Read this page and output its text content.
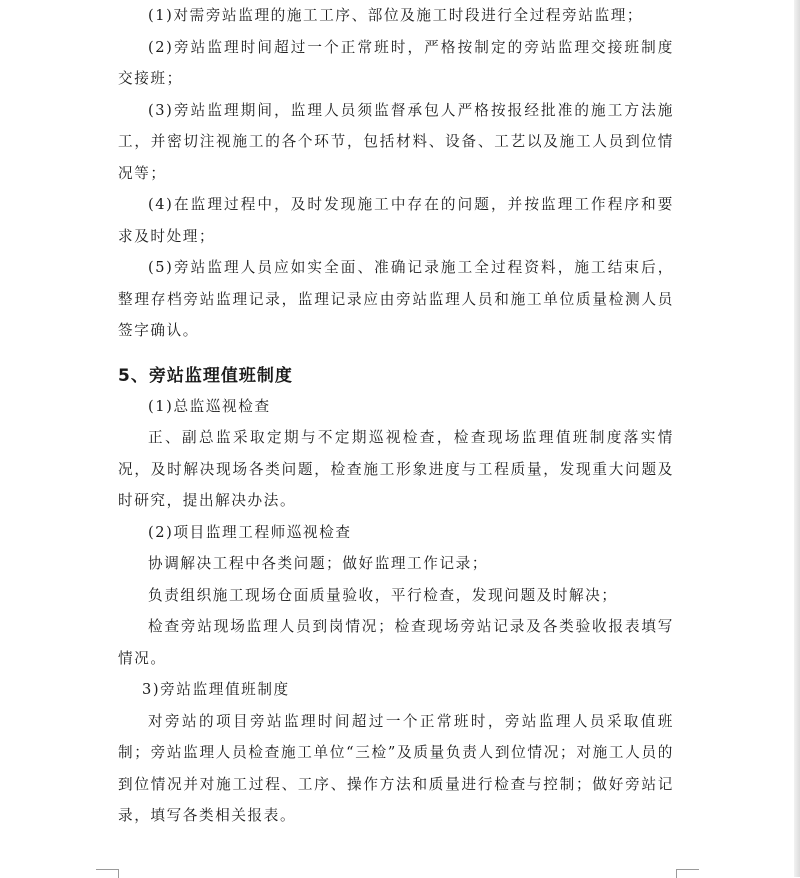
(1)对需旁站监理的施工工序、部位及施工时段进行全过程旁站监理；

(2)旁站监理时间超过一个正常班时，严格按制定的旁站监理交接班制度交接班；

(3)旁站监理期间，监理人员须监督承包人严格按报经批准的施工方法施工，并密切注视施工的各个环节，包括材料、设备、工艺以及施工人员到位情况等；

(4)在监理过程中，及时发现施工中存在的问题，并按监理工作程序和要求及时处理；

(5)旁站监理人员应如实全面、准确记录施工全过程资料，施工结束后，整理存档旁站监理记录，监理记录应由旁站监理人员和施工单位质量检测人员签字确认。

5、旁站监理值班制度

(1)总监巡视检查

正、副总监采取定期与不定期巡视检查，检查现场监理值班制度落实情况，及时解决现场各类问题，检查施工形象进度与工程质量，发现重大问题及时研究，提出解决办法。

(2)项目监理工程师巡视检查

协调解决工程中各类问题；做好监理工作记录；

负责组织施工现场仓面质量验收，平行检查，发现问题及时解决；

检查旁站现场监理人员到岗情况；检查现场旁站记录及各类验收报表填写情况。

3)旁站监理值班制度

对旁站的项目旁站监理时间超过一个正常班时，旁站监理人员采取值班制；旁站监理人员检查施工单位“三检”及质量负责人到位情况；对施工人员的到位情况并对施工过程、工序、操作方法和质量进行检查与控制；做好旁站记录，填写各类相关报表。
